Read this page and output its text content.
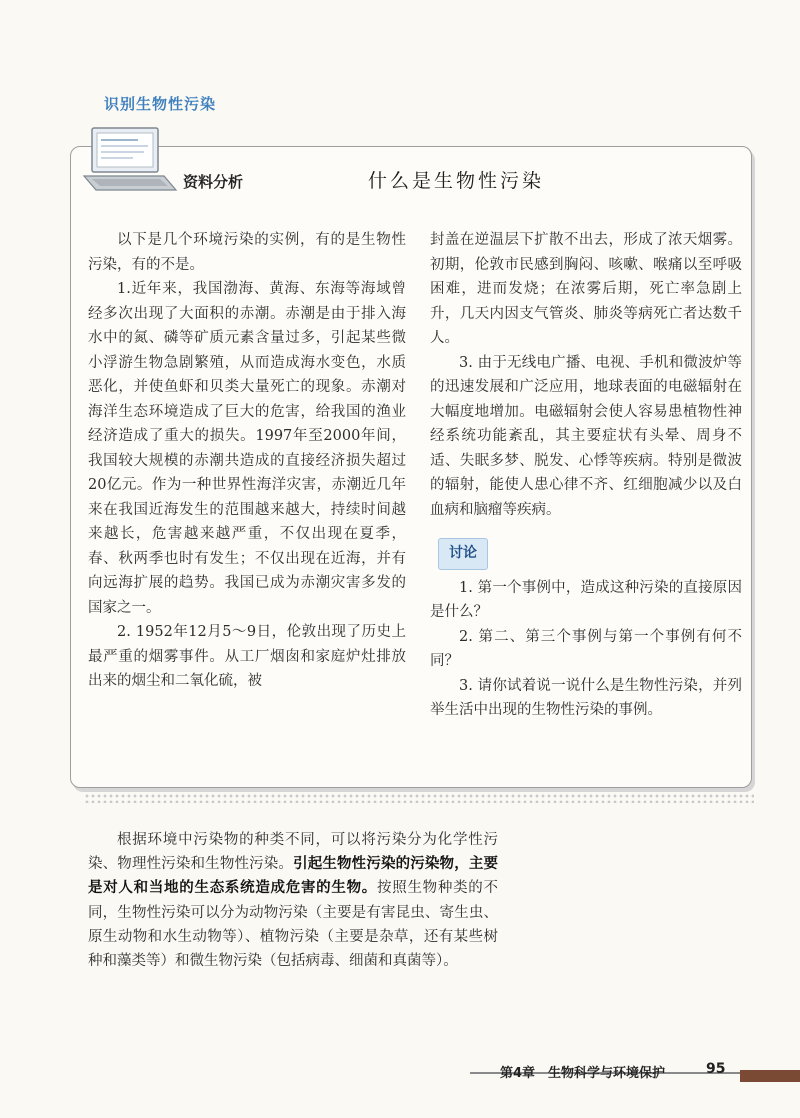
识别生物性污染
资料分析	什么是生物性污染

以下是几个环境污染的实例，有的是生物性污染，有的不是。

1.近年来，我国渤海、黄海、东海等海域曾经多次出现了大面积的赤潮。赤潮是由于排入海水中的氮、磷等矿质元素含量过多，引起某些微小浮游生物急剧繁殖，从而造成海水变色，水质恶化，并使鱼虾和贝类大量死亡的现象。赤潮对海洋生态环境造成了巨大的危害，给我国的渔业经济造成了重大的损失。1997年至2000年间，我国较大规模的赤潮共造成的直接经济损失超过20亿元。作为一种世界性海洋灾害，赤潮近几年来在我国近海发生的范围越来越大，持续时间越来越长，危害越来越严重，不仅出现在夏季，春、秋两季也时有发生；不仅出现在近海，并有向远海扩展的趋势。我国已成为赤潮灾害多发的国家之一。

2. 1952年12月5～9日，伦敦出现了历史上最严重的烟雾事件。从工厂烟囱和家庭炉灶排放出来的烟尘和二氧化硫，被

封盖在逆温层下扩散不出去，形成了浓天烟雾。初期，伦敦市民感到胸闷、咳嗽、喉痛以至呼吸困难，进而发烧；在浓雾后期，死亡率急剧上升，几天内因支气管炎、肺炎等病死亡者达数千人。

3. 由于无线电广播、电视、手机和微波炉等的迅速发展和广泛应用，地球表面的电磁辐射在大幅度地增加。电磁辐射会使人容易患植物性神经系统功能紊乱，其主要症状有头晕、周身不适、失眠多梦、脱发、心悸等疾病。特别是微波的辐射，能使人患心律不齐、红细胞减少以及白血病和脑瘤等疾病。

讨论

1. 第一个事例中，造成这种污染的直接原因是什么？

2. 第二、第三个事例与第一个事例有何不同？

3. 请你试着说一说什么是生物性污染，并列举生活中出现的生物性污染的事例。

根据环境中污染物的种类不同，可以将污染分为化学性污染、物理性污染和生物性污染。引起生物性污染的污染物，主要是对人和当地的生态系统造成危害的生物。按照生物种类的不同，生物性污染可以分为动物污染（主要是有害昆虫、寄生虫、原生动物和水生动物等）、植物污染（主要是杂草，还有某些树种和藻类等）和微生物污染（包括病毒、细菌和真菌等）。

第4章　生物科学与环境保护	95
